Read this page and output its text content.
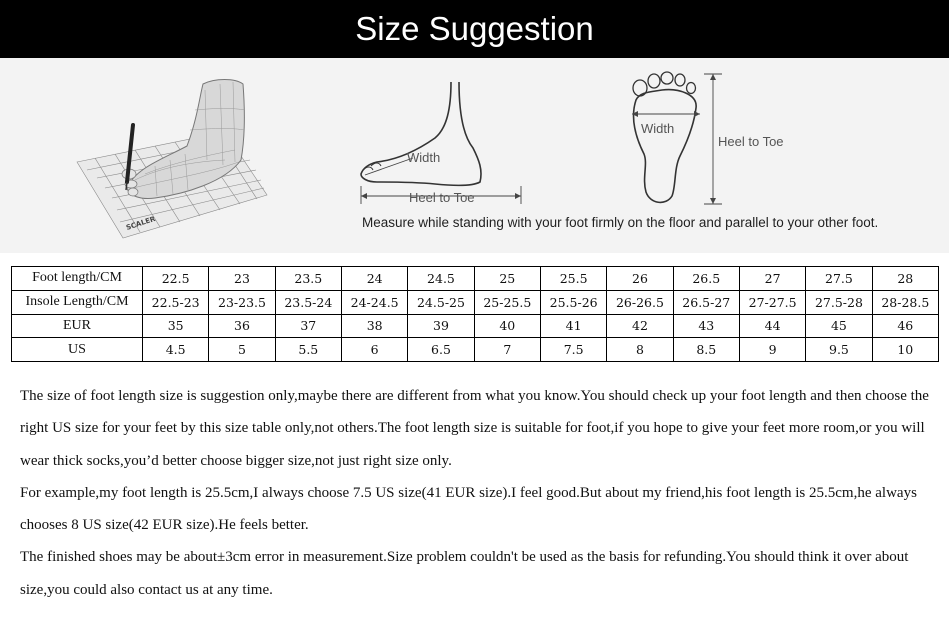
Size Suggestion
SCALER
Width
Heel to Toe
Width
Heel to Toe
Measure while standing with your foot firmly on the floor and parallel to your other foot.
Foot length/CM	22.5	23	23.5	24	24.5	25	25.5	26	26.5	27	27.5	28
Insole Length/CM	22.5-23	23-23.5	23.5-24	24-24.5	24.5-25	25-25.5	25.5-26	26-26.5	26.5-27	27-27.5	27.5-28	28-28.5
EUR	35	36	37	38	39	40	41	42	43	44	45	46
US	4.5	5	5.5	6	6.5	7	7.5	8	8.5	9	9.5	10

The size of foot length size is suggestion only,maybe there are different from what you know.You should check up your foot length and then choose the right US size for your feet by this size table only,not others.The foot length size is suitable for foot,if you hope to give your feet more room,or you will wear thick socks,you’d better choose bigger size,not just right size only.

For example,my foot length is 25.5cm,I always choose 7.5 US size(41 EUR size).I feel good.But about my friend,his foot length is 25.5cm,he always chooses 8 US size(42 EUR size).He feels better.

The finished shoes may be about±3cm error in measurement.Size problem couldn't be used as the basis for refunding.You should think it over about size,you could also contact us at any time.
